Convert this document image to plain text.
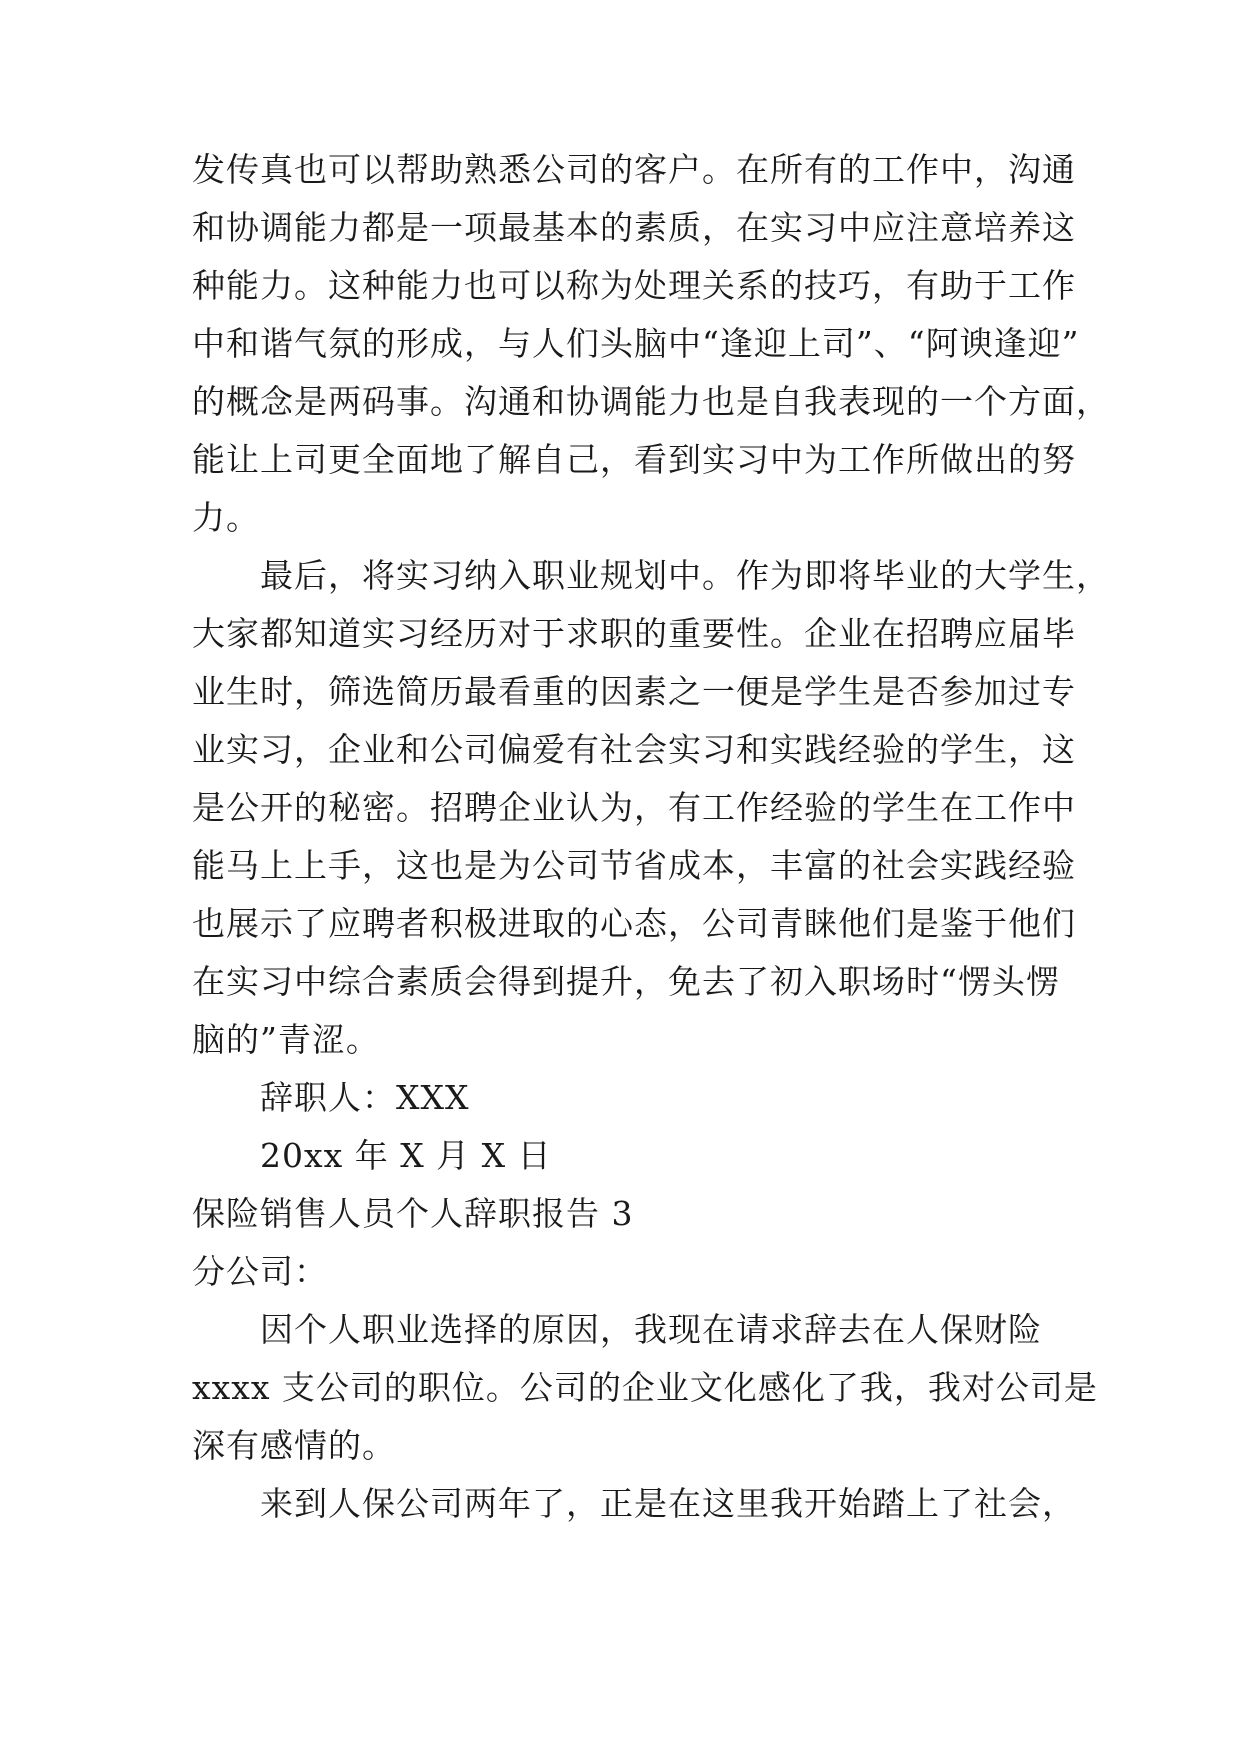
发传真也可以帮助熟悉公司的客户。在所有的工作中，沟通
和协调能力都是一项最基本的素质，在实习中应注意培养这
种能力。这种能力也可以称为处理关系的技巧，有助于工作
中和谐气氛的形成，与人们头脑中“逢迎上司”、“阿谀逢迎”
的概念是两码事。沟通和协调能力也是自我表现的一个方面，
能让上司更全面地了解自己，看到实习中为工作所做出的努
力。
最后，将实习纳入职业规划中。作为即将毕业的大学生，
大家都知道实习经历对于求职的重要性。企业在招聘应届毕
业生时，筛选简历最看重的因素之一便是学生是否参加过专
业实习，企业和公司偏爱有社会实习和实践经验的学生，这
是公开的秘密。招聘企业认为，有工作经验的学生在工作中
能马上上手，这也是为公司节省成本，丰富的社会实践经验
也展示了应聘者积极进取的心态，公司青睐他们是鉴于他们
在实习中综合素质会得到提升，免去了初入职场时“愣头愣
脑的”青涩。
辞职人：XXX
20xx 年 X 月 X 日
保险销售人员个人辞职报告 3
分公司：
因个人职业选择的原因，我现在请求辞去在人保财险
xxxx 支公司的职位。公司的企业文化感化了我，我对公司是
深有感情的。
来到人保公司两年了，正是在这里我开始踏上了社会，
